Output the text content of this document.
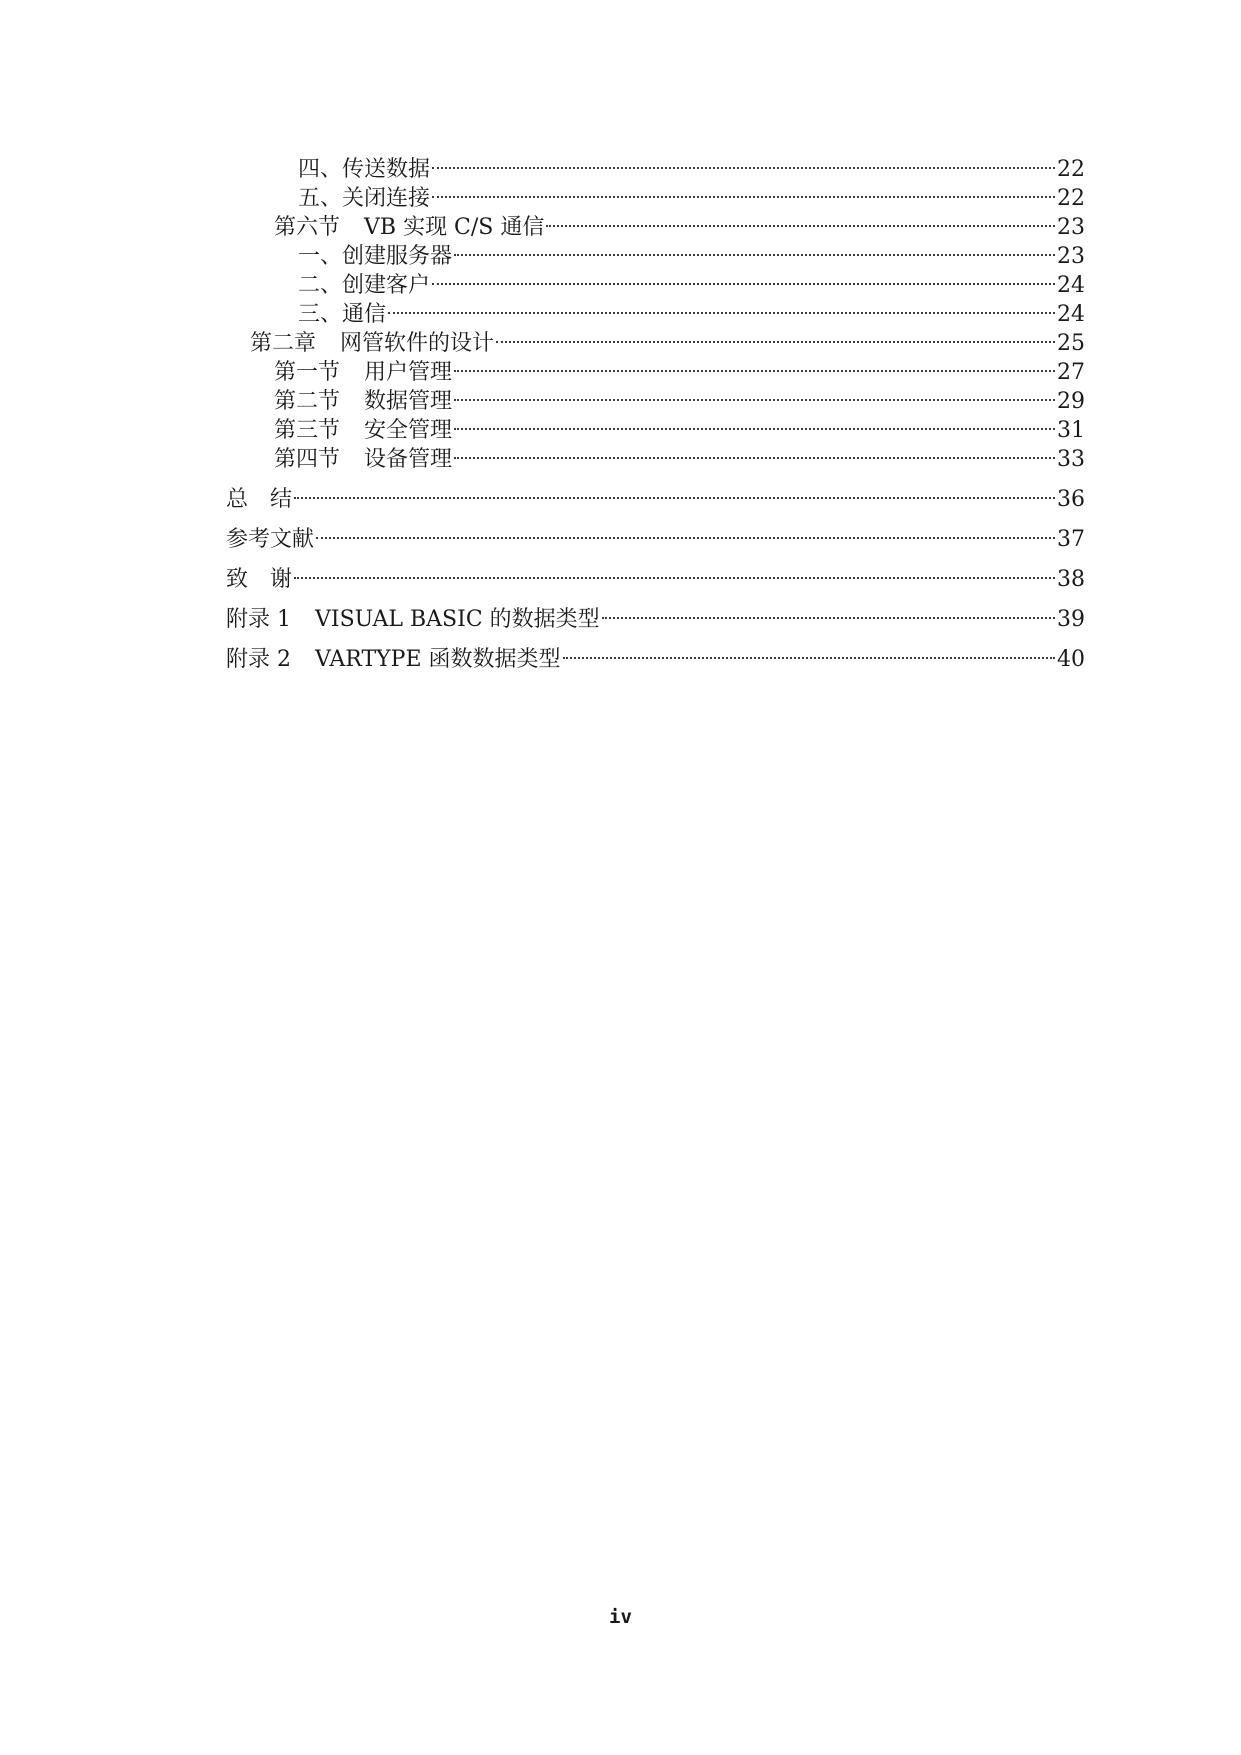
四、传送数据	22
五、关闭连接	22
第六节 VB 实现 C/S 通信	23
一、创建服务器	23
二、创建客户	24
三、通信	24
第二章 网管软件的设计	25
第一节 用户管理	27
第二节 数据管理	29
第三节 安全管理	31
第四节 设备管理	33
总　结	36
参考文献	37
致　谢	38
附录 1 VISUAL BASIC 的数据类型	39
附录 2 VARTYPE 函数数据类型	40
iv
